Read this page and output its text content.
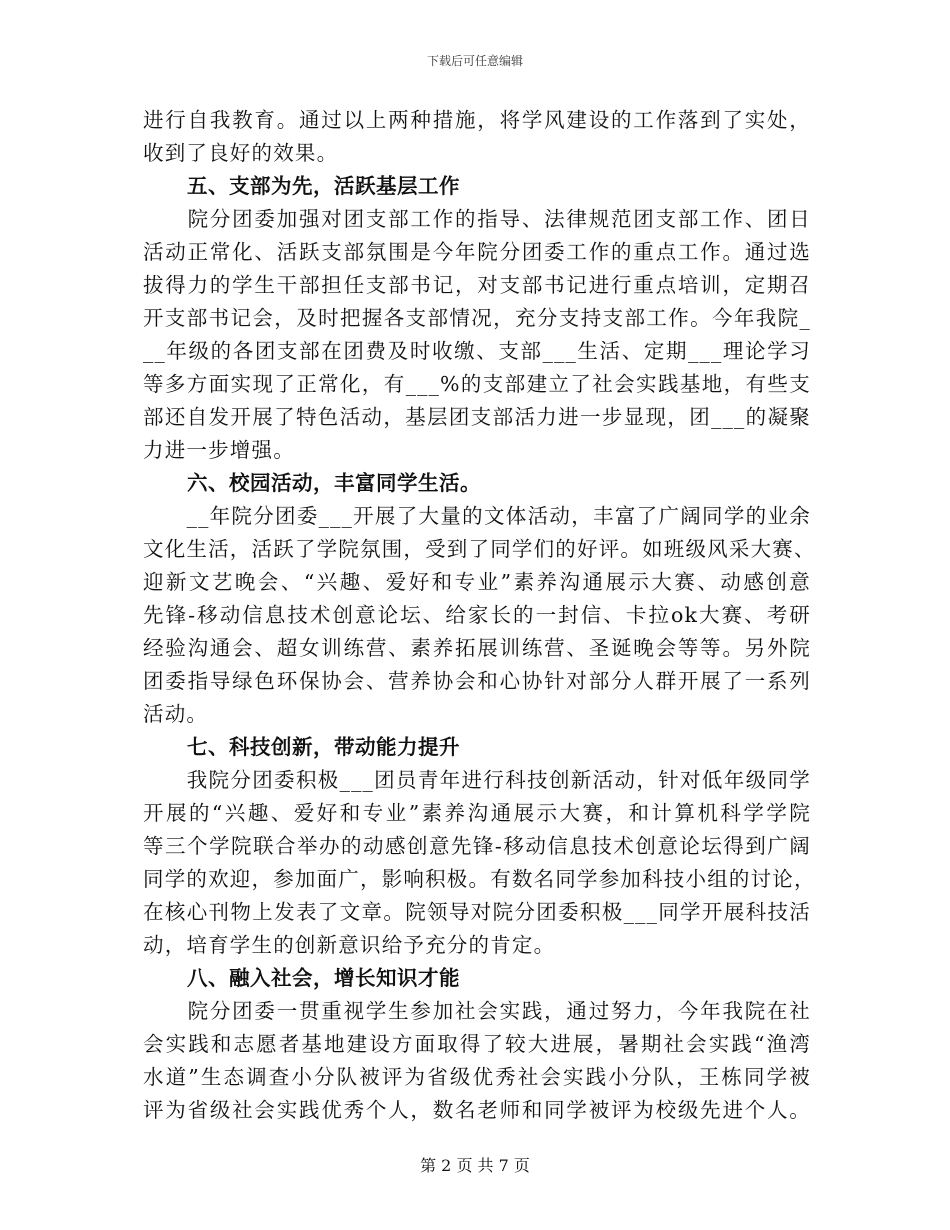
下载后可任意编辑
进行自我教育。通过以上两种措施，将学风建设的工作落到了实处，
收到了良好的效果。
五、支部为先，活跃基层工作
　　院分团委加强对团支部工作的指导、法律规范团支部工作、团日
活动正常化、活跃支部氛围是今年院分团委工作的重点工作。通过选
拔得力的学生干部担任支部书记，对支部书记进行重点培训，定期召
开支部书记会，及时把握各支部情况，充分支持支部工作。今年我院_
__年级的各团支部在团费及时收缴、支部___生活、定期___理论学习
等多方面实现了正常化，有___%的支部建立了社会实践基地，有些支
部还自发开展了特色活动，基层团支部活力进一步显现，团___的凝聚
力进一步增强。
六、校园活动，丰富同学生活。
　　__年院分团委___开展了大量的文体活动，丰富了广阔同学的业余
文化生活，活跃了学院氛围，受到了同学们的好评。如班级风采大赛、
迎新文艺晚会、“兴趣、爱好和专业”素养沟通展示大赛、动感创意
先锋-移动信息技术创意论坛、给家长的一封信、卡拉ok大赛、考研
经验沟通会、超女训练营、素养拓展训练营、圣诞晚会等等。另外院
团委指导绿色环保协会、营养协会和心协针对部分人群开展了一系列
活动。
七、科技创新，带动能力提升
　　我院分团委积极___团员青年进行科技创新活动，针对低年级同学
开展的“兴趣、爱好和专业”素养沟通展示大赛，和计算机科学学院
等三个学院联合举办的动感创意先锋-移动信息技术创意论坛得到广阔
同学的欢迎，参加面广，影响积极。有数名同学参加科技小组的讨论，
在核心刊物上发表了文章。院领导对院分团委积极___同学开展科技活
动，培育学生的创新意识给予充分的肯定。
八、融入社会，增长知识才能
　　院分团委一贯重视学生参加社会实践，通过努力，今年我院在社
会实践和志愿者基地建设方面取得了较大进展，暑期社会实践“渔湾
水道”生态调查小分队被评为省级优秀社会实践小分队，王栋同学被
评为省级社会实践优秀个人，数名老师和同学被评为校级先进个人。
第 2 页 共 7 页
